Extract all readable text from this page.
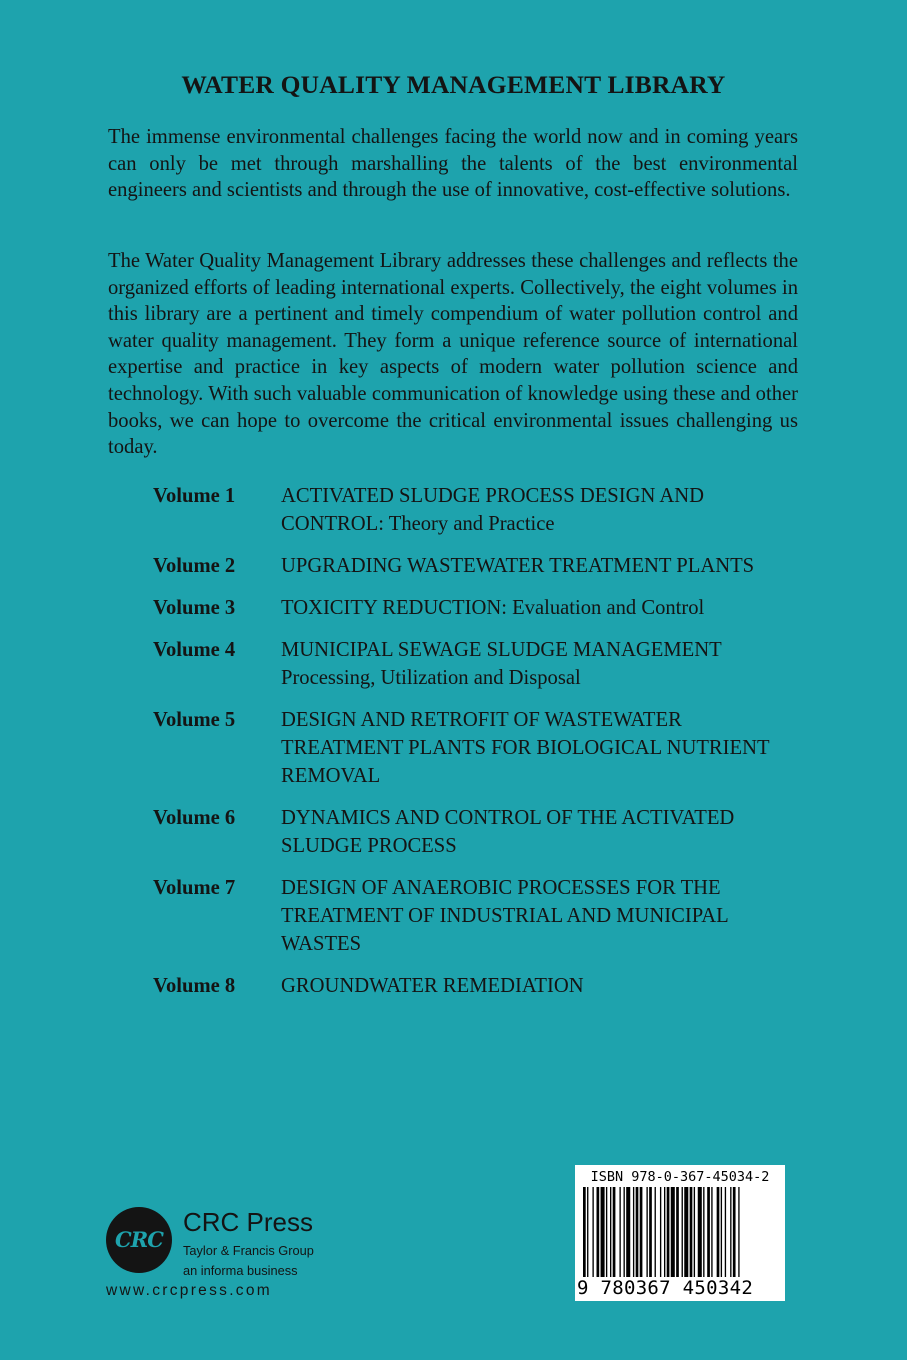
WATER QUALITY MANAGEMENT LIBRARY

The immense environmental challenges facing the world now and in coming years can only be met through marshalling the talents of the best environmental engineers and scientists and through the use of innovative, cost-effective solutions.

The Water Quality Management Library addresses these challenges and reflects the organized efforts of leading international experts. Collectively, the eight volumes in this library are a pertinent and timely compendium of water pollution control and water quality management. They form a unique reference source of international expertise and practice in key aspects of modern water pollution science and technology. With such valuable communication of knowledge using these and other books, we can hope to overcome the critical environmental issues challenging us today.

Volume 1	ACTIVATED SLUDGE PROCESS DESIGN AND CONTROL: Theory and Practice
Volume 2	UPGRADING WASTEWATER TREATMENT PLANTS
Volume 3	TOXICITY REDUCTION: Evaluation and Control
Volume 4	MUNICIPAL SEWAGE SLUDGE MANAGEMENT Processing, Utilization and Disposal
Volume 5	DESIGN AND RETROFIT OF WASTEWATER TREATMENT PLANTS FOR BIOLOGICAL NUTRIENT REMOVAL
Volume 6	DYNAMICS AND CONTROL OF THE ACTIVATED SLUDGE PROCESS
Volume 7	DESIGN OF ANAEROBIC PROCESSES FOR THE TREATMENT OF INDUSTRIAL AND MUNICIPAL WASTES
Volume 8	GROUNDWATER REMEDIATION
CRC
CRC Press
Taylor & Francis Group
an informa business
www.crcpress.com
ISBN 978-0-367-45034-2
9 780367 450342
